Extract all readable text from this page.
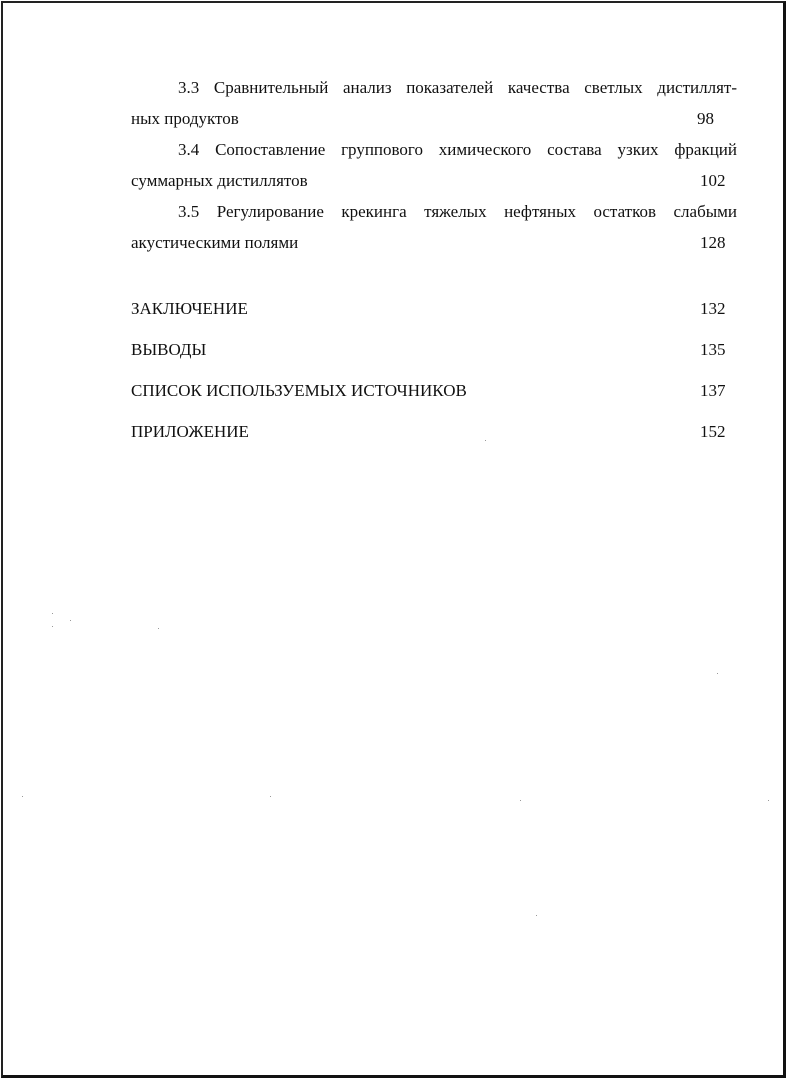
3.3 Сравнительный анализ показателей качества светлых дистиллят-
ных продуктов	98
3.4 Сопоставление группового химического состава узких фракций
суммарных дистиллятов	102
3.5 Регулирование крекинга тяжелых нефтяных остатков слабыми
акустическими полями	128
ЗАКЛЮЧЕНИЕ	132
ВЫВОДЫ	135
СПИСОК ИСПОЛЬЗУЕМЫХ ИСТОЧНИКОВ	137
ПРИЛОЖЕНИЕ	152
